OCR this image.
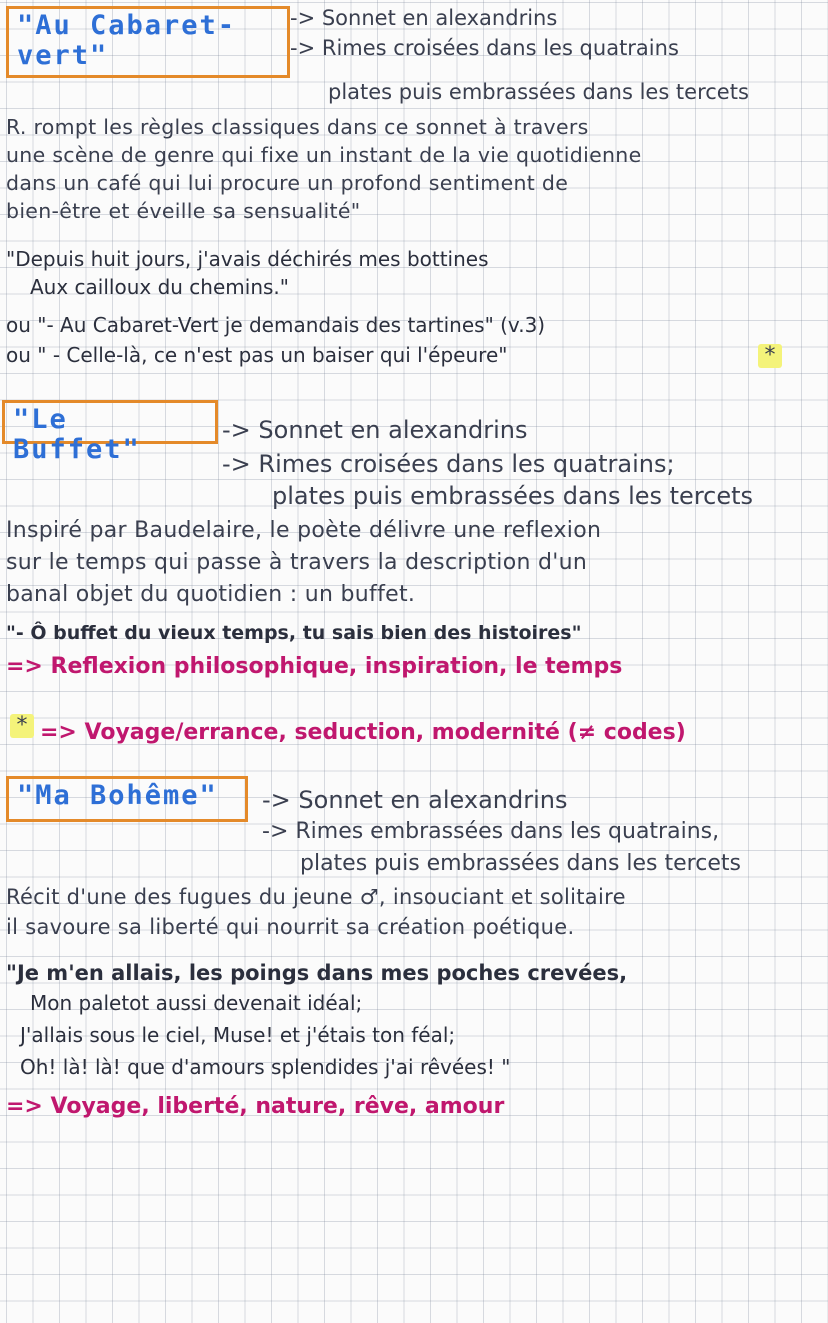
"Au Cabaret-
vert"
-> Sonnet en alexandrins
-> Rimes croisées dans les quatrains
plates puis embrassées dans les tercets
R. rompt les règles classiques dans ce sonnet à travers
une scène de genre qui fixe un instant de la vie quotidienne
dans un café qui lui procure un profond sentiment de
bien-être et éveille sa sensualité"
"Depuis huit jours, j'avais déchirés mes bottines
Aux cailloux du chemins."
ou "- Au Cabaret-Vert je demandais des tartines" (v.3)
ou " - Celle-là, ce n'est pas un baiser qui l'épeure"	*
"Le Buffet"
-> Sonnet en alexandrins
-> Rimes croisées dans les quatrains;
plates puis embrassées dans les tercets
Inspiré par Baudelaire, le poète délivre une reflexion
sur le temps qui passe à travers la description d'un
banal objet du quotidien : un buffet.
"- Ô buffet du vieux temps, tu sais bien des histoires"
=> Reflexion philosophique, inspiration, le temps
* => Voyage/errance, seduction, modernité (≠ codes)
"Ma Bohême"	-> Sonnet en alexandrins
-> Rimes embrassées dans les quatrains,
plates puis embrassées dans les tercets
Récit d'une des fugues du jeune ♂, insouciant et solitaire
il savoure sa liberté qui nourrit sa création poétique.
"Je m'en allais, les poings dans mes poches crevées,
Mon paletot aussi devenait idéal;
J'allais sous le ciel, Muse! et j'étais ton féal;
Oh! là! là! que d'amours splendides j'ai rêvées! "
=> Voyage, liberté, nature, rêve, amour
